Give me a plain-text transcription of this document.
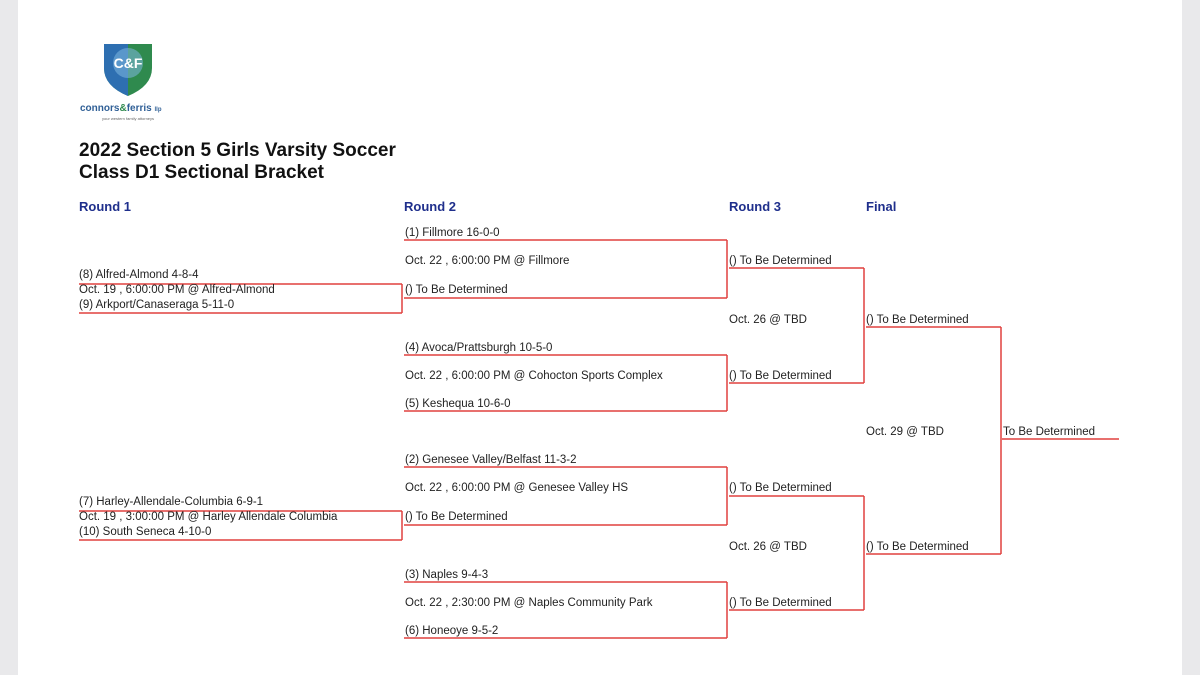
C&F
connors&ferris llp
your western family attorneys
2022 Section 5 Girls Varsity Soccer
Class D1 Sectional Bracket
Round 1	Round 2	Round 3	Final
(8) Alfred-Almond 4-8-4
Oct. 19 , 6:00:00 PM @ Alfred-Almond
(9) Arkport/Canaseraga 5-11-0
(7) Harley-Allendale-Columbia 6-9-1
Oct. 19 , 3:00:00 PM @ Harley Allendale Columbia
(10) South Seneca 4-10-0
(1) Fillmore 16-0-0
Oct. 22 , 6:00:00 PM @ Fillmore
() To Be Determined
(4) Avoca/Prattsburgh 10-5-0
Oct. 22 , 6:00:00 PM @ Cohocton Sports Complex
(5) Keshequa 10-6-0
(2) Genesee Valley/Belfast 11-3-2
Oct. 22 , 6:00:00 PM @ Genesee Valley HS
() To Be Determined
(3) Naples 9-4-3
Oct. 22 , 2:30:00 PM @ Naples Community Park
(6) Honeoye 9-5-2
() To Be Determined
Oct. 26 @ TBD
() To Be Determined
() To Be Determined
Oct. 26 @ TBD
() To Be Determined
() To Be Determined
Oct. 29 @ TBD
() To Be Determined
To Be Determined
